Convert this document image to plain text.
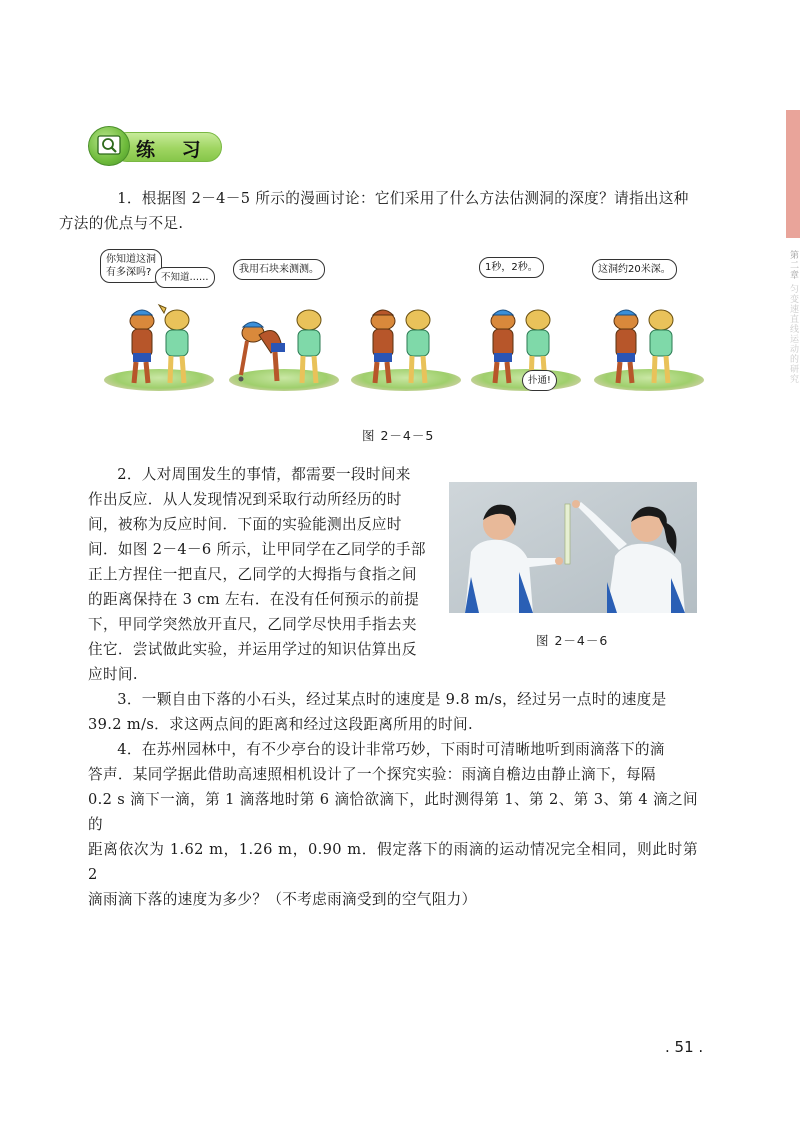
第二章 匀变速直线运动的研究
练 习
1．根据图 2－4－5 所示的漫画讨论：它们采用了什么方法估测洞的深度？请指出这种
方法的优点与不足.
你知道这洞
有多深吗?	不知道……
我用石块来测测。	1秒，2秒。
扑通!
这洞约20米深。
图 2－4－5
2．人对周围发生的事情，都需要一段时间来
作出反应．从人发现情况到采取行动所经历的时
间，被称为反应时间．下面的实验能测出反应时
间．如图 2－4－6 所示，让甲同学在乙同学的手部
正上方捏住一把直尺，乙同学的大拇指与食指之间
的距离保持在 3 cm 左右．在没有任何预示的前提
下，甲同学突然放开直尺，乙同学尽快用手指去夹
住它．尝试做此实验，并运用学过的知识估算出反
应时间.
图 2－4－6
3．一颗自由下落的小石头，经过某点时的速度是 9.8 m/s，经过另一点时的速度是
39.2 m/s．求这两点间的距离和经过这段距离所用的时间.
4．在苏州园林中，有不少亭台的设计非常巧妙，下雨时可清晰地听到雨滴落下的滴
答声．某同学据此借助高速照相机设计了一个探究实验：雨滴自檐边由静止滴下，每隔
0.2 s 滴下一滴，第 1 滴落地时第 6 滴恰欲滴下，此时测得第 1、第 2、第 3、第 4 滴之间的
距离依次为 1.62 m，1.26 m，0.90 m．假定落下的雨滴的运动情况完全相同，则此时第 2
滴雨滴下落的速度为多少？（不考虑雨滴受到的空气阻力）
. 51 .
